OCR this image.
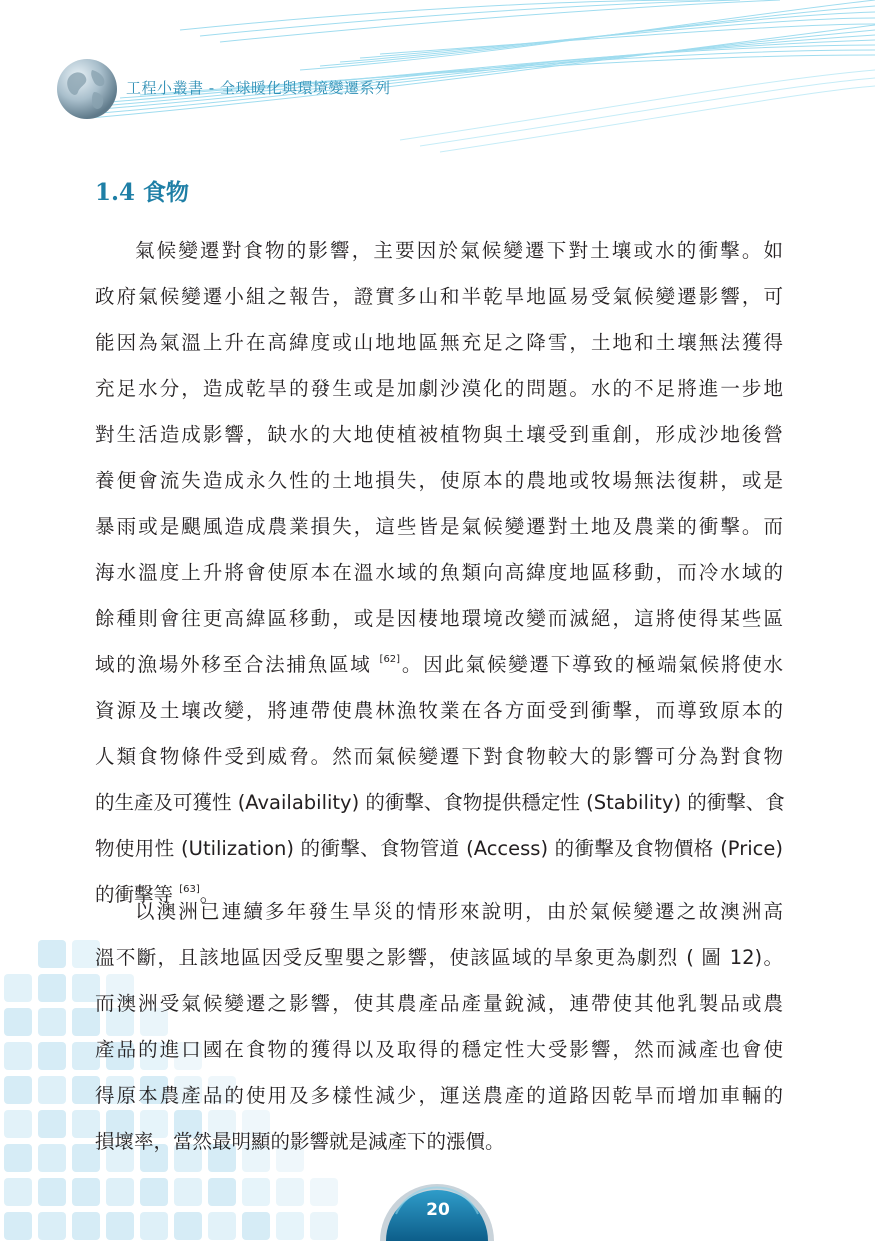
工程小叢書 - 全球暖化與環境變遷系列
1.4 食物
氣候變遷對食物的影響，主要因於氣候變遷下對土壤或水的衝擊。如
政府氣候變遷小組之報告，證實多山和半乾旱地區易受氣候變遷影響，可
能因為氣溫上升在高緯度或山地地區無充足之降雪，土地和土壤無法獲得
充足水分，造成乾旱的發生或是加劇沙漠化的問題。水的不足將進一步地
對生活造成影響，缺水的大地使植被植物與土壤受到重創，形成沙地後營
養便會流失造成永久性的土地損失，使原本的農地或牧場無法復耕，或是
暴雨或是颶風造成農業損失，這些皆是氣候變遷對土地及農業的衝擊。而
海水溫度上升將會使原本在溫水域的魚類向高緯度地區移動，而冷水域的
餘種則會往更高緯區移動，或是因棲地環境改變而滅絕，這將使得某些區
域的漁場外移至合法捕魚區域 [62]。因此氣候變遷下導致的極端氣候將使水
資源及土壤改變，將連帶使農林漁牧業在各方面受到衝擊，而導致原本的
人類食物條件受到威脅。然而氣候變遷下對食物較大的影響可分為對食物
的生產及可獲性 (Availability) 的衝擊、食物提供穩定性 (Stability) 的衝擊、食
物使用性 (Utilization) 的衝擊、食物管道 (Access) 的衝擊及食物價格 (Price)
的衝擊等 [63]。
以澳洲已連續多年發生旱災的情形來說明，由於氣候變遷之故澳洲高
溫不斷，且該地區因受反聖嬰之影響，使該區域的旱象更為劇烈 ( 圖 12)。
而澳洲受氣候變遷之影響，使其農產品產量銳減，連帶使其他乳製品或農
產品的進口國在食物的獲得以及取得的穩定性大受影響，然而減產也會使
得原本農產品的使用及多樣性減少，運送農產的道路因乾旱而增加車輛的
損壞率，當然最明顯的影響就是減產下的漲價。
20
